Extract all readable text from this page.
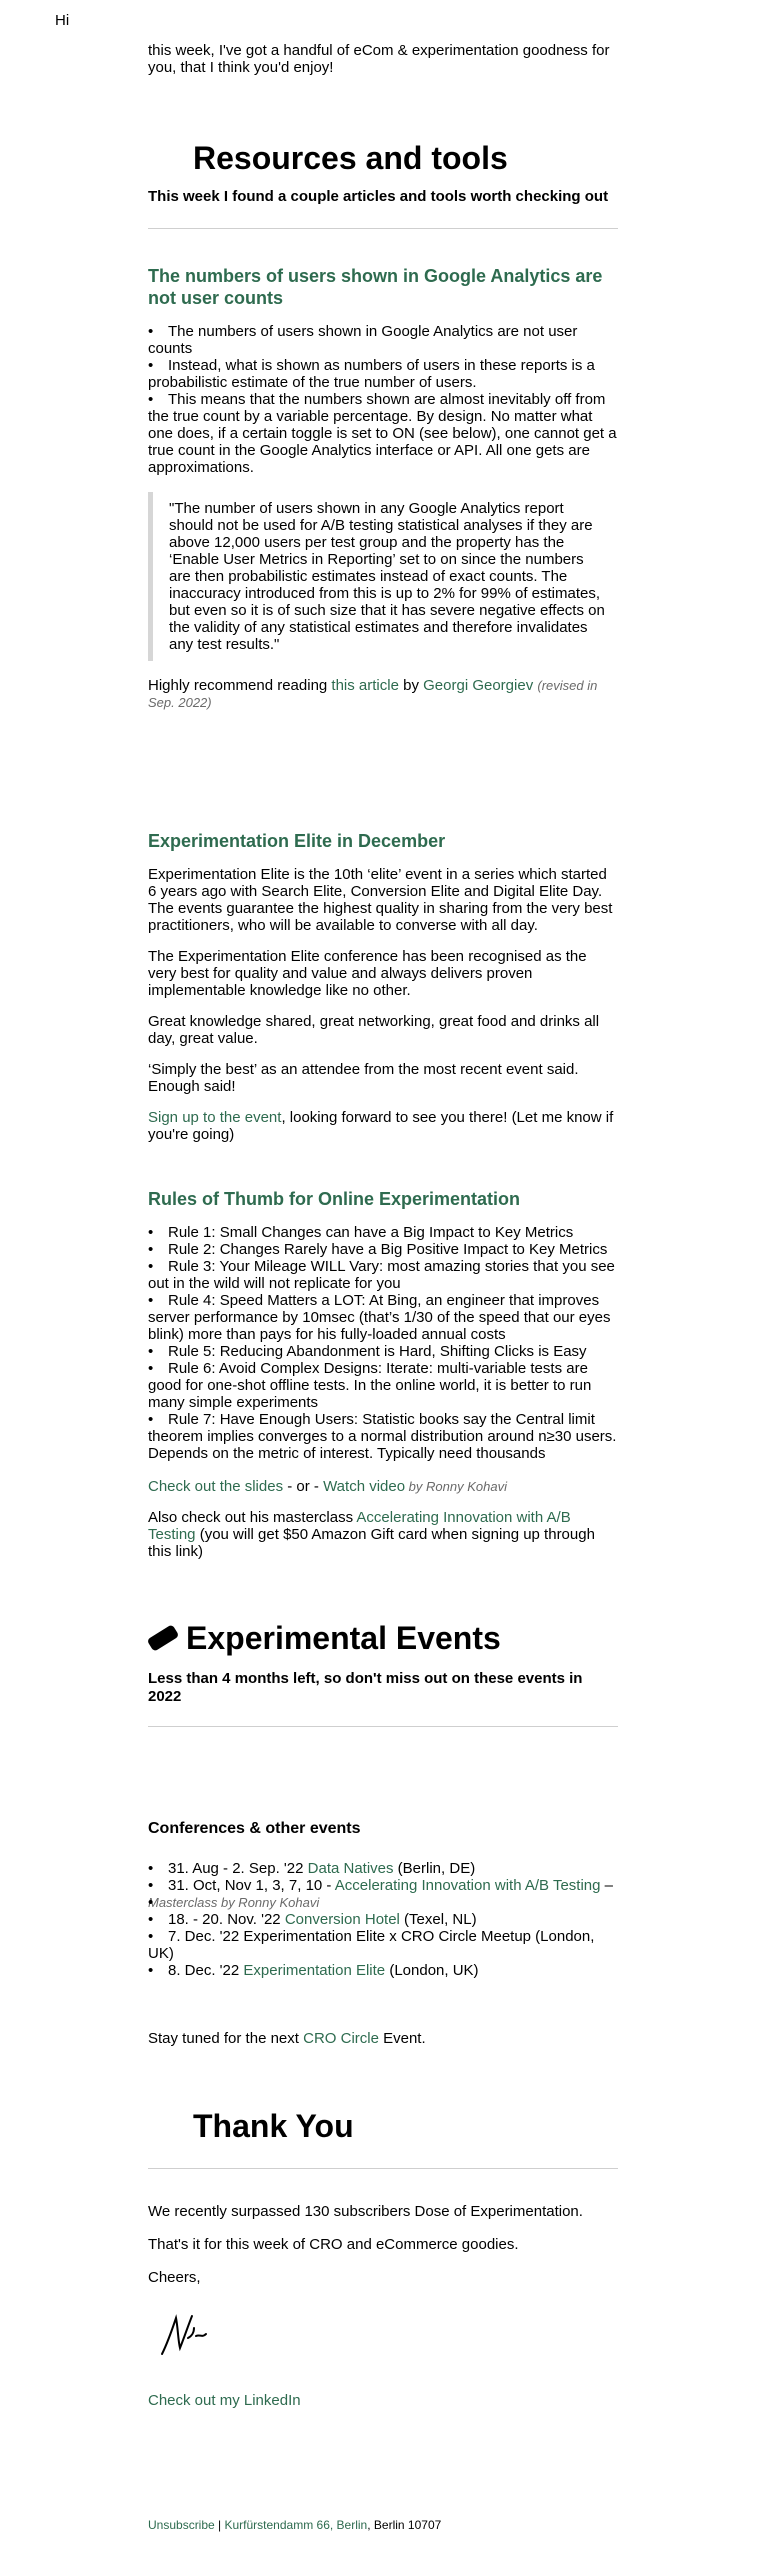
Hi
this week, I've got a handful of eCom & experimentation goodness for you, that I think you'd enjoy!
Resources and tools
This week I found a couple articles and tools worth checking out
The numbers of users shown in Google Analytics are not user counts
• The numbers of users shown in Google Analytics are not user counts
• Instead, what is shown as numbers of users in these reports is a probabilistic estimate of the true number of users.
• This means that the numbers shown are almost inevitably off from the true count by a variable percentage. By design. No matter what one does, if a certain toggle is set to ON (see below), one cannot get a true count in the Google Analytics interface or API. All one gets are approximations.
"The number of users shown in any Google Analytics report should not be used for A/B testing statistical analyses if they are above 12,000 users per test group and the property has the ‘Enable User Metrics in Reporting’ set to on since the numbers are then probabilistic estimates instead of exact counts. The inaccuracy introduced from this is up to 2% for 99% of estimates, but even so it is of such size that it has severe negative effects on the validity of any statistical estimates and therefore invalidates any test results."

Highly recommend reading this article by Georgi Georgiev (revised in Sep. 2022)

Experimentation Elite in December

Experimentation Elite is the 10th ‘elite’ event in a series which started 6 years ago with Search Elite, Conversion Elite and Digital Elite Day. The events guarantee the highest quality in sharing from the very best practitioners, who will be available to converse with all day.

The Experimentation Elite conference has been recognised as the very best for quality and value and always delivers proven implementable knowledge like no other.

Great knowledge shared, great networking, great food and drinks all day, great value.

‘Simply the best’ as an attendee from the most recent event said. Enough said!

Sign up to the event, looking forward to see you there! (Let me know if you're going)

Rules of Thumb for Online Experimentation
• Rule 1: Small Changes can have a Big Impact to Key Metrics
• Rule 2: Changes Rarely have a Big Positive Impact to Key Metrics
• Rule 3: Your Mileage WILL Vary: most amazing stories that you see out in the wild will not replicate for you
• Rule 4: Speed Matters a LOT: At Bing, an engineer that improves server performance by 10msec (that’s 1/30 of the speed that our eyes blink) more than pays for his fully-loaded annual costs
• Rule 5: Reducing Abandonment is Hard, Shifting Clicks is Easy
• Rule 6: Avoid Complex Designs: Iterate: multi-variable tests are good for one-shot offline tests. In the online world, it is better to run many simple experiments
• Rule 7: Have Enough Users: Statistic books say the Central limit theorem implies converges to a normal distribution around n≥30 users. Depends on the metric of interest. Typically need thousands

Check out the slides - or - Watch video by Ronny Kohavi

Also check out his masterclass Accelerating Innovation with A/B Testing (you will get $50 Amazon Gift card when signing up through this link)

Experimental Events
Less than 4 months left, so don't miss out on these events in 2022
Conferences & other events
• 31. Aug - 2. Sep. '22 Data Natives (Berlin, DE)
• 31. Oct, Nov 1, 3, 7, 10 - Accelerating Innovation with A/B Testing –
• Masterclass by Ronny Kohavi
• 18. - 20. Nov. '22 Conversion Hotel (Texel, NL)
• 7. Dec. '22 Experimentation Elite x CRO Circle Meetup (London, UK)
• 8. Dec. '22 Experimentation Elite (London, UK)
Stay tuned for the next CRO Circle Event.
Thank You

We recently surpassed 130 subscribers Dose of Experimentation.

That's it for this week of CRO and eCommerce goodies.

Cheers,

Check out my LinkedIn
Unsubscribe | Kurfürstendamm 66, Berlin, Berlin 10707
